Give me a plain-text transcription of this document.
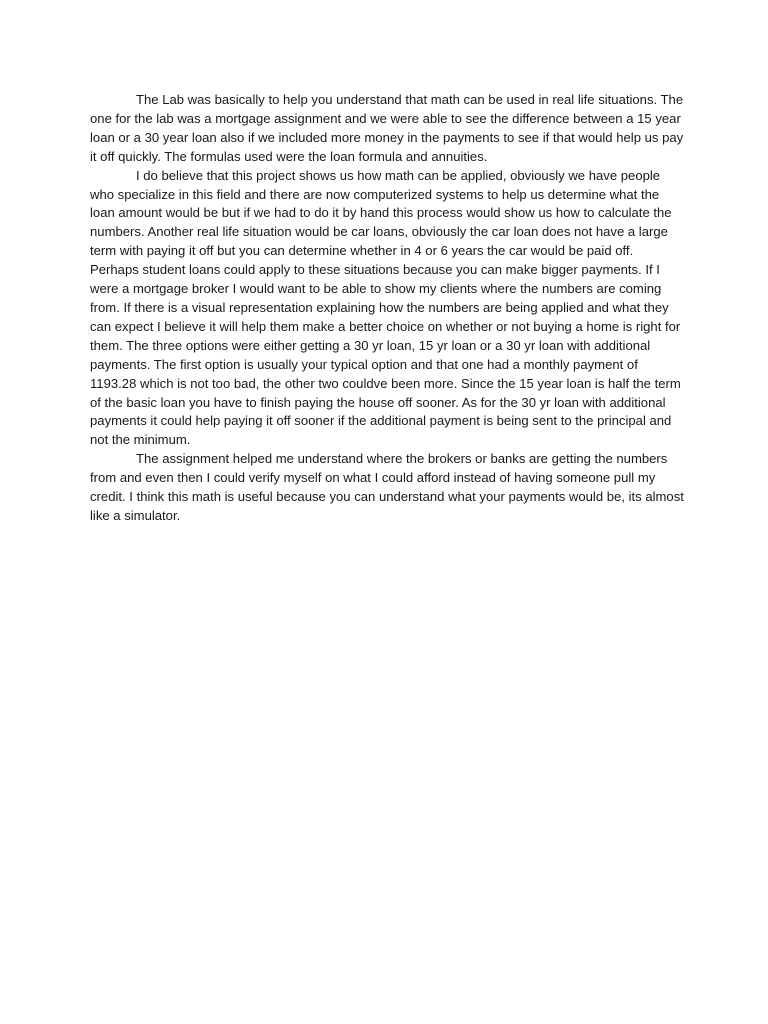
The Lab was basically to help you understand that math can be used in real life situations. The one for the lab was a mortgage assignment and we were able to see the difference between a 15 year loan or a 30 year loan also if we included more money in the payments to see if that would help us pay it off quickly. The formulas used were the loan formula and annuities.

I do believe that this project shows us how math can be applied, obviously we have people who specialize in this field and there are now computerized systems to help us determine what the loan amount would be but if we had to do it by hand this process would show us how to calculate the numbers. Another real life situation would be car loans, obviously the car loan does not have a large term with paying it off but you can determine whether in 4 or 6 years the car would be paid off. Perhaps student loans could apply to these situations because you can make bigger payments. If I were a mortgage broker I would want to be able to show my clients where the numbers are coming from. If there is a visual representation explaining how the numbers are being applied and what they can expect I believe it will help them make a better choice on whether or not buying a home is right for them. The three options were either getting a 30 yr loan, 15 yr loan or a 30 yr loan with additional payments. The first option is usually your typical option and that one had a monthly payment of 1193.28 which is not too bad, the other two couldve been more. Since the 15 year loan is half the term of the basic loan you have to finish paying the house off sooner. As for the 30 yr loan with additional payments it could help paying it off sooner if the additional payment is being sent to the principal and not the minimum.

The assignment helped me understand where the brokers or banks are getting the numbers from and even then I could verify myself on what I could afford instead of having someone pull my credit. I think this math is useful because you can understand what your payments would be, its almost like a simulator.
